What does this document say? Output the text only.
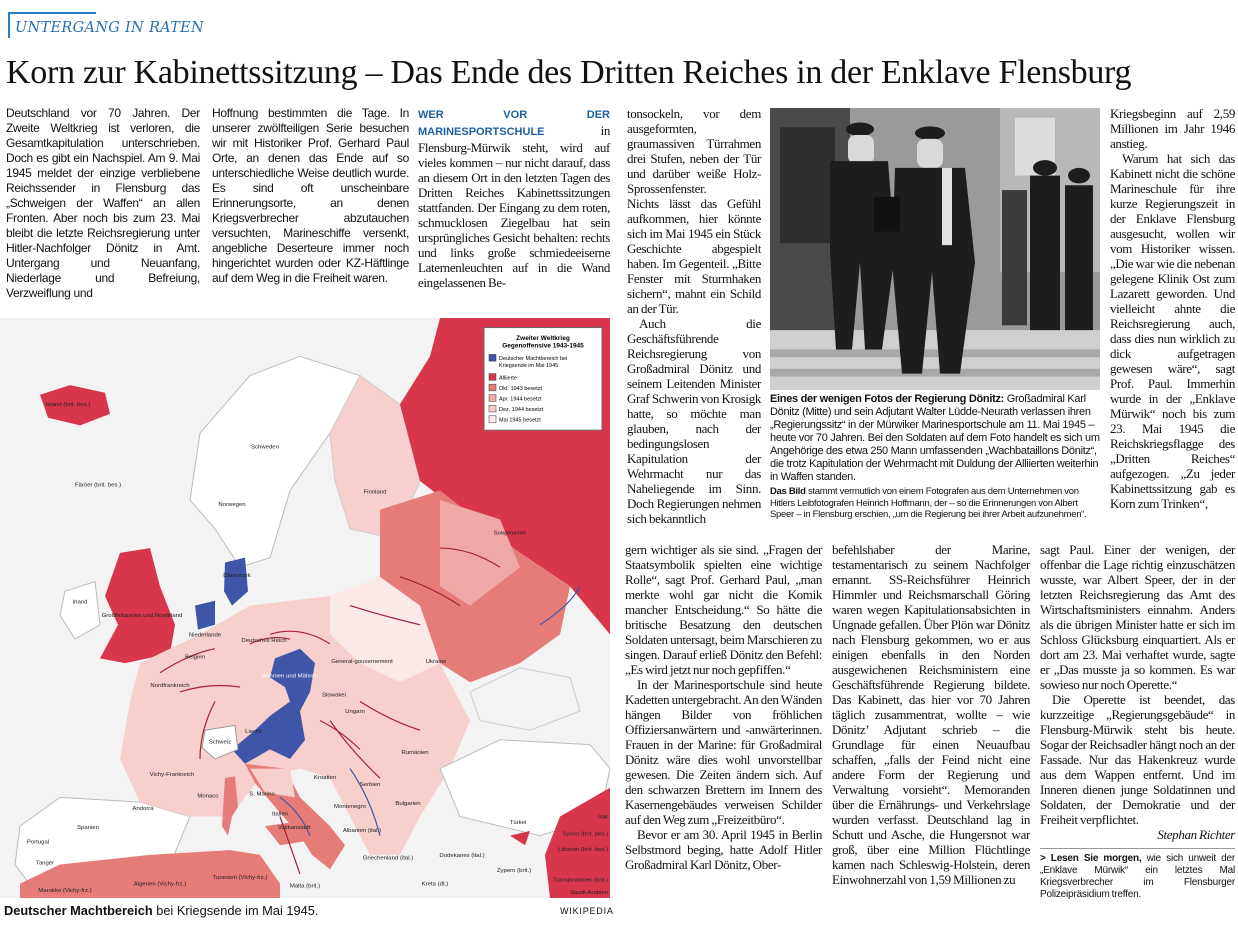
UNTERGANG IN RATEN
Korn zur Kabinettssitzung – Das Ende des Dritten Reiches in der Enklave Flensburg
Deutschland vor 70 Jahren. Der Zweite Weltkrieg ist verloren, die Gesamtkapitulation unterschrieben. Doch es gibt ein Nachspiel. Am 9. Mai 1945 meldet der einzige verbliebene Reichssender in Flensburg das „Schweigen der Waffen“ an allen Fronten. Aber noch bis zum 23. Mai bleibt die letzte Reichsregierung unter Hitler-Nachfolger Dönitz in Amt. Untergang und Neuanfang, Niederlage und Befreiung, Verzweiflung und
Hoffnung bestimmten die Tage. In unserer zwölfteiligen Serie besuchen wir mit Historiker Prof. Gerhard Paul Orte, an denen das Ende auf so unterschiedliche Weise deutlich wurde. Es sind oft unscheinbare Erinnerungsorte, an denen Kriegsverbrecher abzutauchen versuchten, Marineschiffe versenkt, angebliche Deserteure immer noch hingerichtet wurden oder KZ-Häftlinge auf dem Weg in die Freiheit waren.
WER VOR DER MARINESPORTSCHULE	in Flensburg-Mürwik steht, wird auf vieles kommen – nur nicht darauf, dass an diesem Ort in den letzten Tagen des Dritten Reiches Kabinettssitzungen stattfanden. Der Eingang zu dem roten, schmucklosen Ziegelbau hat sein ursprüngliches Gesicht behalten: rechts und links große schmiedeeiserne Laternenleuchten auf in die Wand eingelassenen Be-

tonsockeln, vor dem ausgeformten, graumassiven Türrahmen drei Stufen, neben der Tür und darüber weiße Holz-Sprossenfenster.

Nichts lässt das Gefühl aufkommen, hier könnte sich im Mai 1945 ein Stück Geschichte abgespielt haben. Im Gegenteil. „Bitte Fenster mit Sturmhaken sichern“, mahnt ein Schild an der Tür.

Auch die Geschäftsführende Reichsregierung von Großadmiral Dönitz und seinem Leitenden Minister Graf Schwerin von Krosigk hatte, so möchte man glauben, nach der bedingungslosen Kapitulation der Wehrmacht nur das Naheliegende im Sinn. Doch Regierungen nehmen sich bekanntlich

gern wichtiger als sie sind. „Fragen der Staatsymbolik spielten eine wichtige Rolle“, sagt Prof. Gerhard Paul, „man merkte wohl gar nicht die Komik mancher Entscheidung.“ So hätte die britische Besatzung den deutschen Soldaten untersagt, beim Marschieren zu singen. Darauf erließ Dönitz den Befehl: „Es wird jetzt nur noch gepfiffen.“

In der Marinesportschule sind heute Kadetten untergebracht. An den Wänden hängen Bilder von fröhlichen Offiziersanwärtern und -anwärterinnen. Frauen in der Marine: für Großadmiral Dönitz wäre dies wohl unvorstellbar gewesen. Die Zeiten ändern sich. Auf den schwarzen Brettern im Innern des Kasernengebäudes verweisen Schilder auf den Weg zum „Freizeitbüro“.

Bevor er am 30. April 1945 in Berlin Selbstmord beging, hatte Adolf Hitler Großadmiral Karl Dönitz, Ober-

befehlshaber der Marine, testamentarisch zu seinem Nachfolger ernannt. SS-Reichsführer Heinrich Himmler und Reichsmarschall Göring waren wegen Kapitulationsabsichten in Ungnade gefallen. Über Plön war Dönitz nach Flensburg gekommen, wo er aus einigen ebenfalls in den Norden ausgewichenen Reichsministern eine Geschäftsführende Regierung bildete. Das Kabinett, das hier vor 70 Jahren täglich zusammentrat, wollte – wie Dönitz’ Adjutant schrieb – die Grundlage für einen Neuaufbau schaffen, „falls der Feind nicht eine andere Form der Regierung und Verwaltung vorsieht“. Memoranden über die Ernährungs- und Verkehrslage wurden verfasst. Deutschland lag in Schutt und Asche, die Hungersnot war groß, über eine Million Flüchtlinge kamen nach Schleswig-Holstein, deren Einwohnerzahl von 1,59 Millionen zu

Kriegsbeginn auf 2,59 Millionen im Jahr 1946 anstieg.

Warum hat sich das Kabinett nicht die schöne Marineschule für ihre kurze Regierungszeit in der Enklave Flensburg ausgesucht, wollen wir vom Historiker wissen. „Die war wie die nebenan gelegene Klinik Ost zum Lazarett geworden. Und vielleicht ahnte die Reichsregierung auch, dass dies nun wirklich zu dick aufgetragen gewesen wäre“, sagt Prof. Paul. Immerhin wurde in der „Enklave Mürwik“ noch bis zum 23. Mai 1945 die Reichskriegsflagge des „Dritten Reiches“ aufgezogen. „Zu jeder Kabinettssitzung gab es Korn zum Trinken“,

sagt Paul. Einer der wenigen, der offenbar die Lage richtig einzuschätzen wusste, war Albert Speer, der in der letzten Reichsregierung das Amt des Wirtschaftsministers einnahm. Anders als die übrigen Minister hatte er sich im Schloss Glücksburg einquartiert. Als er dort am 23. Mai verhaftet wurde, sagte er „Das musste ja so kommen. Es war sowieso nur noch Operette.“

Die Operette ist beendet, das kurzzeitige „Regierungsgebäude“ in Flensburg-Mürwik steht bis heute. Sogar der Reichsadler hängt noch an der Fassade. Nur das Hakenkreuz wurde aus dem Wappen entfernt. Und im Inneren dienen junge Soldatinnen und Soldaten, der Demokratie und der Freiheit verpflichtet.

Stephan Richter
> Lesen Sie morgen, wie sich unweit der „Enklave Mürwik“ ein letztes Mal Kriegsverbrecher im Flensburger Polizeipräsidium treffen.
Eines der wenigen Fotos der Regierung Dönitz: Großadmiral Karl Dönitz (Mitte) und sein Adjutant Walter Lüdde-Neurath verlassen ihren „Regierungssitz“ in der Mürwiker Marinesportschule am 11. Mai 1945 – heute vor 70 Jahren. Bei den Soldaten auf dem Foto handelt es sich um Angehörige des etwa 250 Mann umfassenden „Wachbataillons Dönitz“, die trotz Kapitulation der Wehrmacht mit Duldung der Alliierten weiterhin in Waffen standen.
Das Bild stammt vermutlich von einem Fotografen aus dem Unternehmen von Hitlers Leibfotografen Heinrich Hoffmann, der – so die Erinnerungen von Albert Speer – in Flensburg erschien, „um die Regierung bei ihrer Arbeit aufzunehmen“.
Zweiter Weltkrieg
Gegenoffensive 1943-1945
Deutscher Machtbereich bei
Kriegsende im Mai 1945
Alliierte
Okt. 1943 besetzt
Apr. 1944 besetzt
Dez. 1944 besetzt
Mai 1945 besetzt
Island (brit. bes.)
Färöer (brit. bes.)
Schweden
Finnland
Norwegen
Sowjetunion
Irland
Großbritannien und Nordirland
Dänemark
Niederlande
Deutsches Reich
Belgien
Nordfrankreich
Böhmen und Mähren
Slowakei
General-gouvernement	Ukraine
Ungarn
Schweiz
Liecht.
Rumänien
Vichy-Frankreich	Kroatien
Serbien
Monaco	S. Marino
Bulgarien
Montenegro
Italien
Albanien (ital.)
Andorra
Vatikanstadt
Spanien
Portugal
Türkei
Griechenland (ital.)
Tanger
Zypern (brit.)
Syrien (brit. bes.)
Libanon (brit. bes.)
Dodekanes (ital.)
Tunesien (Vichy-frz.)
Algerien (Vichy-frz.)
Marokko (Vichy-frz.)
Malta (brit.)	Kreta (dt.)
Transjordanien (brit.)
Saudi-Arabien
Irak
Deutscher Machtbereich bei Kriegsende im Mai 1945.	WIKIPEDIA
